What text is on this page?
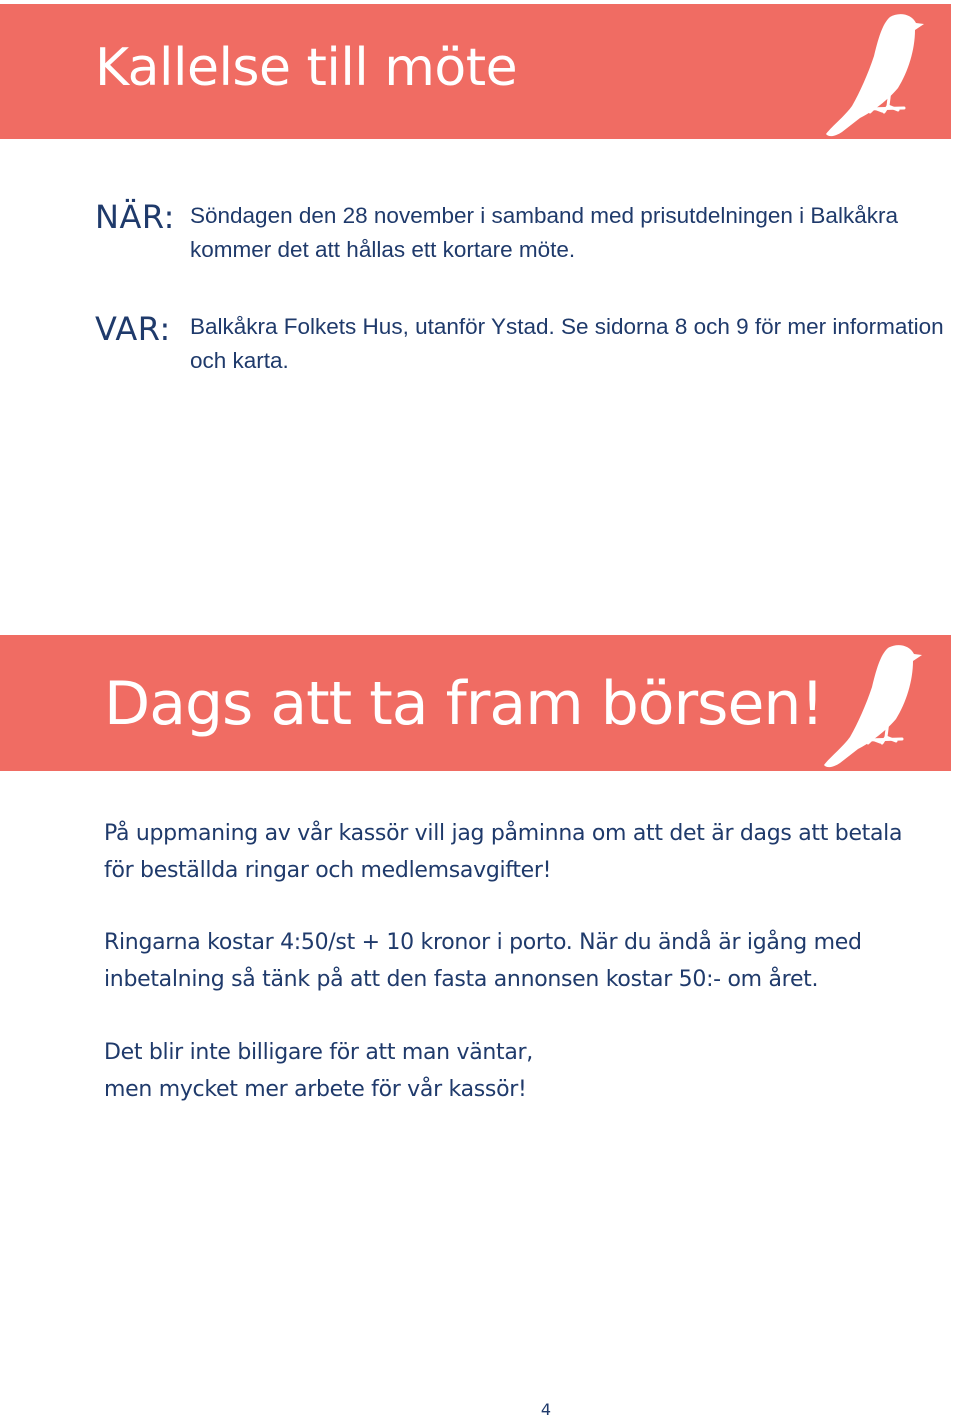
Kallelse till möte
NÄR: Söndagen den 28 november i samband med prisutdelningen i Balkåkra kommer det att hållas ett kortare möte.
VAR: Balkåkra Folkets Hus, utanför Ystad. Se sidorna 8 och 9 för mer information och karta.
Dags att ta fram börsen!

På uppmaning av vår kassör vill jag påminna om att det är dags att betala för beställda ringar och medlemsavgifter!

Ringarna kostar 4:50/st + 10 kronor i porto. När du ändå är igång med inbetalning så tänk på att den fasta annonsen kostar 50:- om året.

Det blir inte billigare för att man väntar,
men mycket mer arbete för vår kassör!

4
